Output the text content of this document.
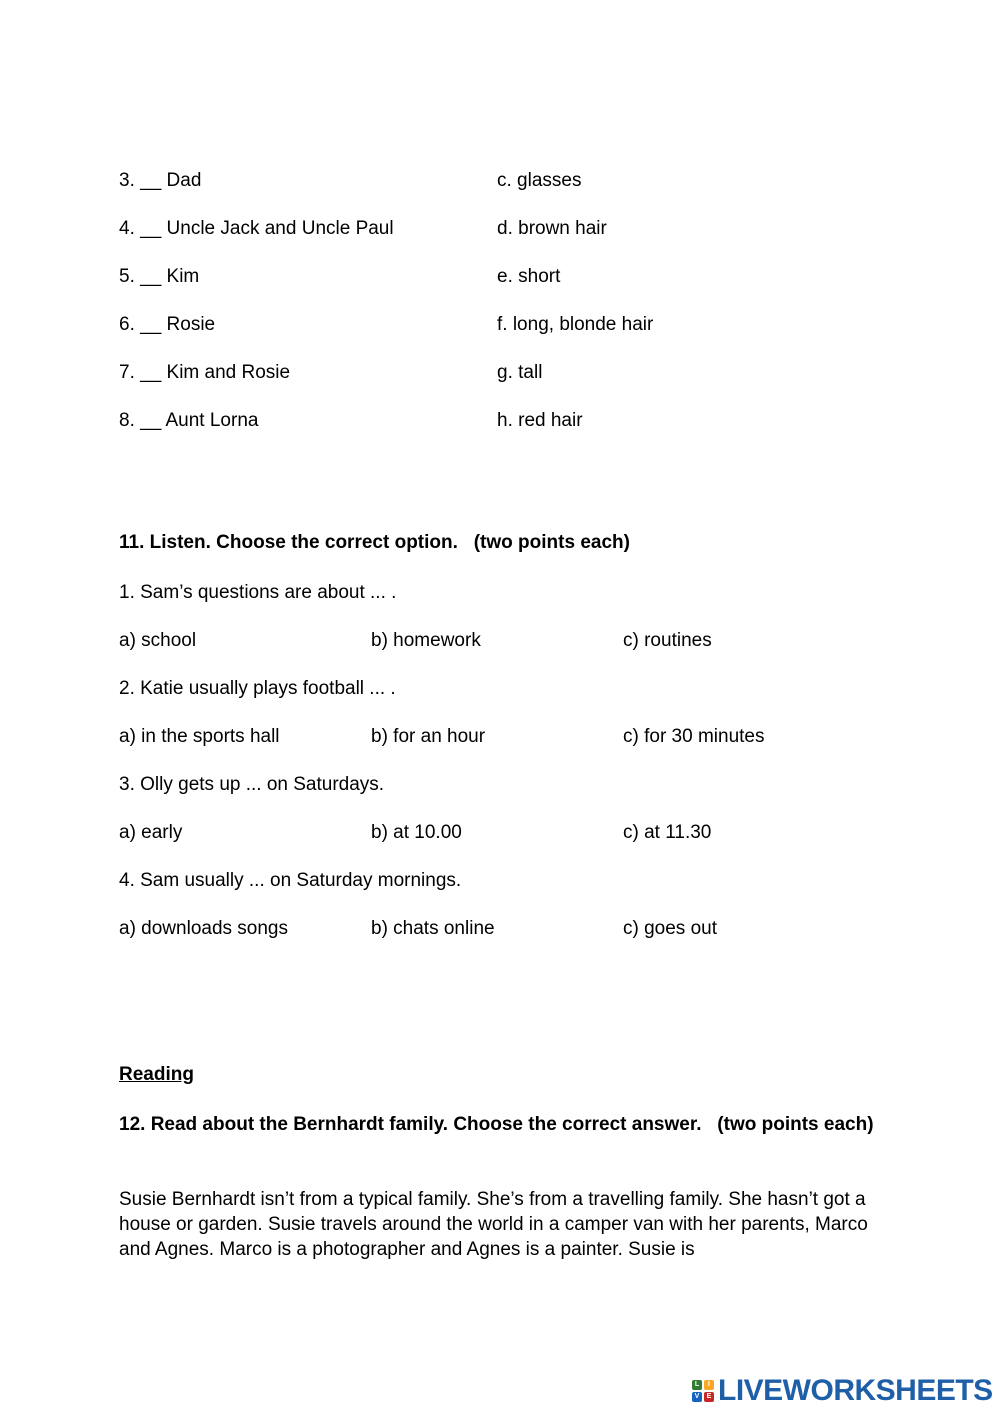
3. __ Dad	c. glasses
4. __ Uncle Jack and Uncle Paul	d. brown hair
5. __ Kim	e. short
6. __ Rosie	f. long, blonde hair
7. __ Kim and Rosie	g. tall
8. __ Aunt Lorna	h. red hair
11. Listen. Choose the correct option.   (two points each)
1. Sam’s questions are about ... .
a) school	b) homework	c) routines
2. Katie usually plays football ... .
a) in the sports hall	b) for an hour	c) for 30 minutes
3. Olly gets up ... on Saturdays.
a) early	b) at 10.00	c) at 11.30
4. Sam usually ... on Saturday mornings.
a) downloads songs	b) chats online	c) goes out
Reading
12. Read about the Bernhardt family. Choose the correct answer.   (two points each)
Susie Bernhardt isn’t from a typical family. She’s from a travelling family. She hasn’t got a house or garden. Susie travels around the world in a camper van with her parents, Marco and Agnes. Marco is a photographer and Agnes is a painter. Susie is
L	I
V	E LIVEWORKSHEETS
